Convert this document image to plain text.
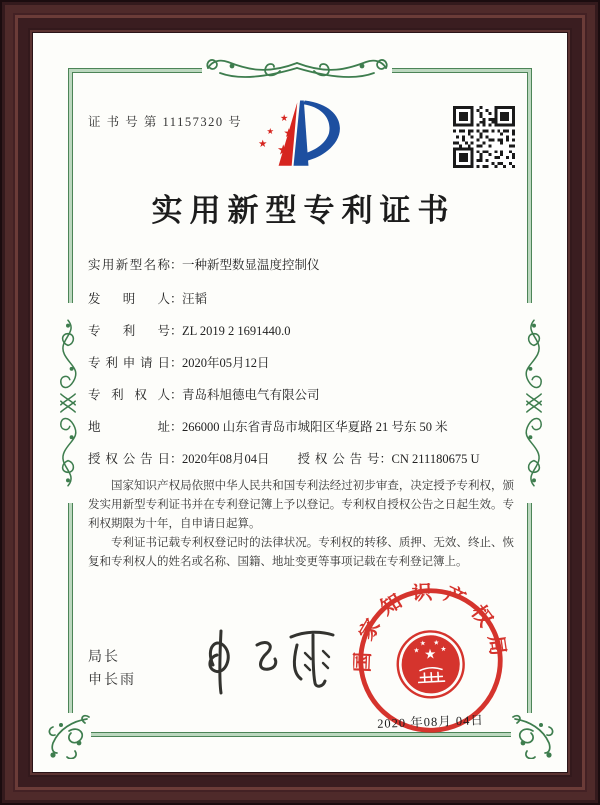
证 书 号 第 11157320 号	★
★ ★
★ ★
实用新型专利证书
实用新型名称：一种新型数显温度控制仪
发明人：汪韬
专利号：ZL 2019 2 1691440.0
专利申请日：2020年05月12日
专利权人：青岛科旭德电气有限公司
地址：266000 山东省青岛市城阳区华夏路 21 号东 50 米
授权公告日：2020年08月04日 授权公告号：CN 211180675 U

国家知识产权局依照中华人民共和国专利法经过初步审查，决定授予专利权，颁发实用新型专利证书并在专利登记簿上予以登记。专利权自授权公告之日起生效。专利权期限为十年，自申请日起算。

专利证书记载专利权登记时的法律状况。专利权的转移、质押、无效、终止、恢复和专利权人的姓名或名称、国籍、地址变更等事项记载在专利登记簿上。

局长
申长雨
国家知识产权局
★
★
★ ★
★
2020 年08月 04日
